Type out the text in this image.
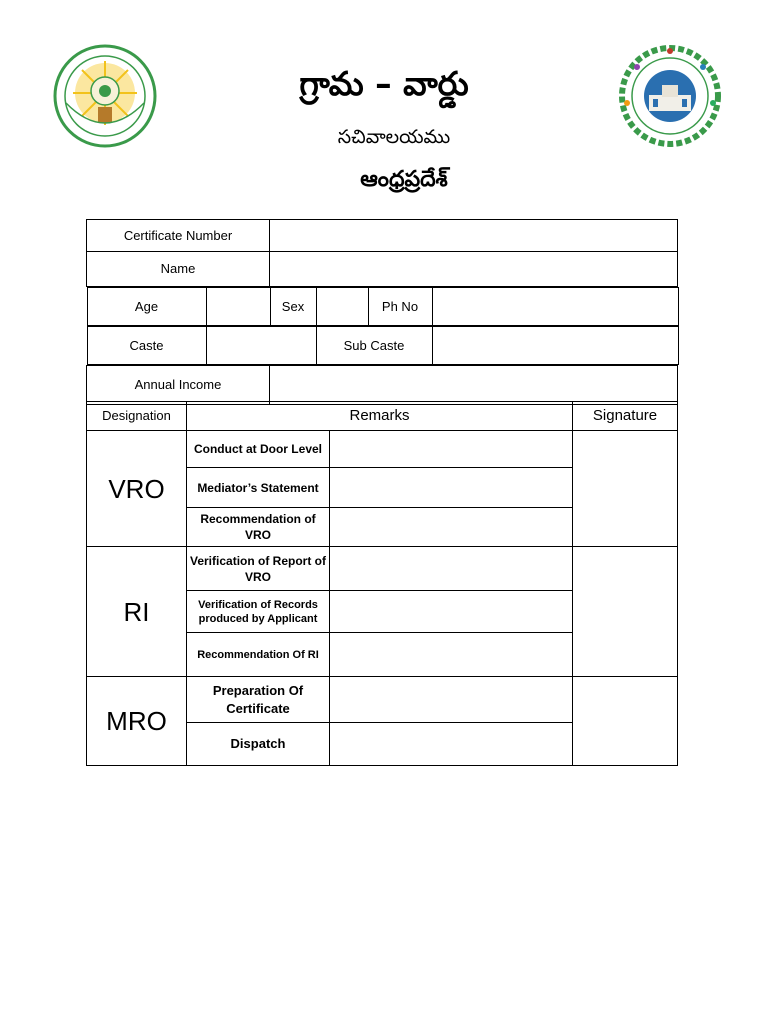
గ్రామ – వార్డు
సచివాలయము
ఆంధ్రప్రదేశ్
Certificate Number	
Name	

Age		Sex		Ph No	

Caste		Sub Caste	

Annual Income	
Designation	Remarks		Signature
VRO	Conduct at Door Level		
	Mediator’s Statement		
	Recommendation of VRO		
RI	Verification of Report of VRO		
	Verification of Records produced by Applicant		
	Recommendation Of RI		
MRO	Preparation Of Certificate		
	Dispatch		
